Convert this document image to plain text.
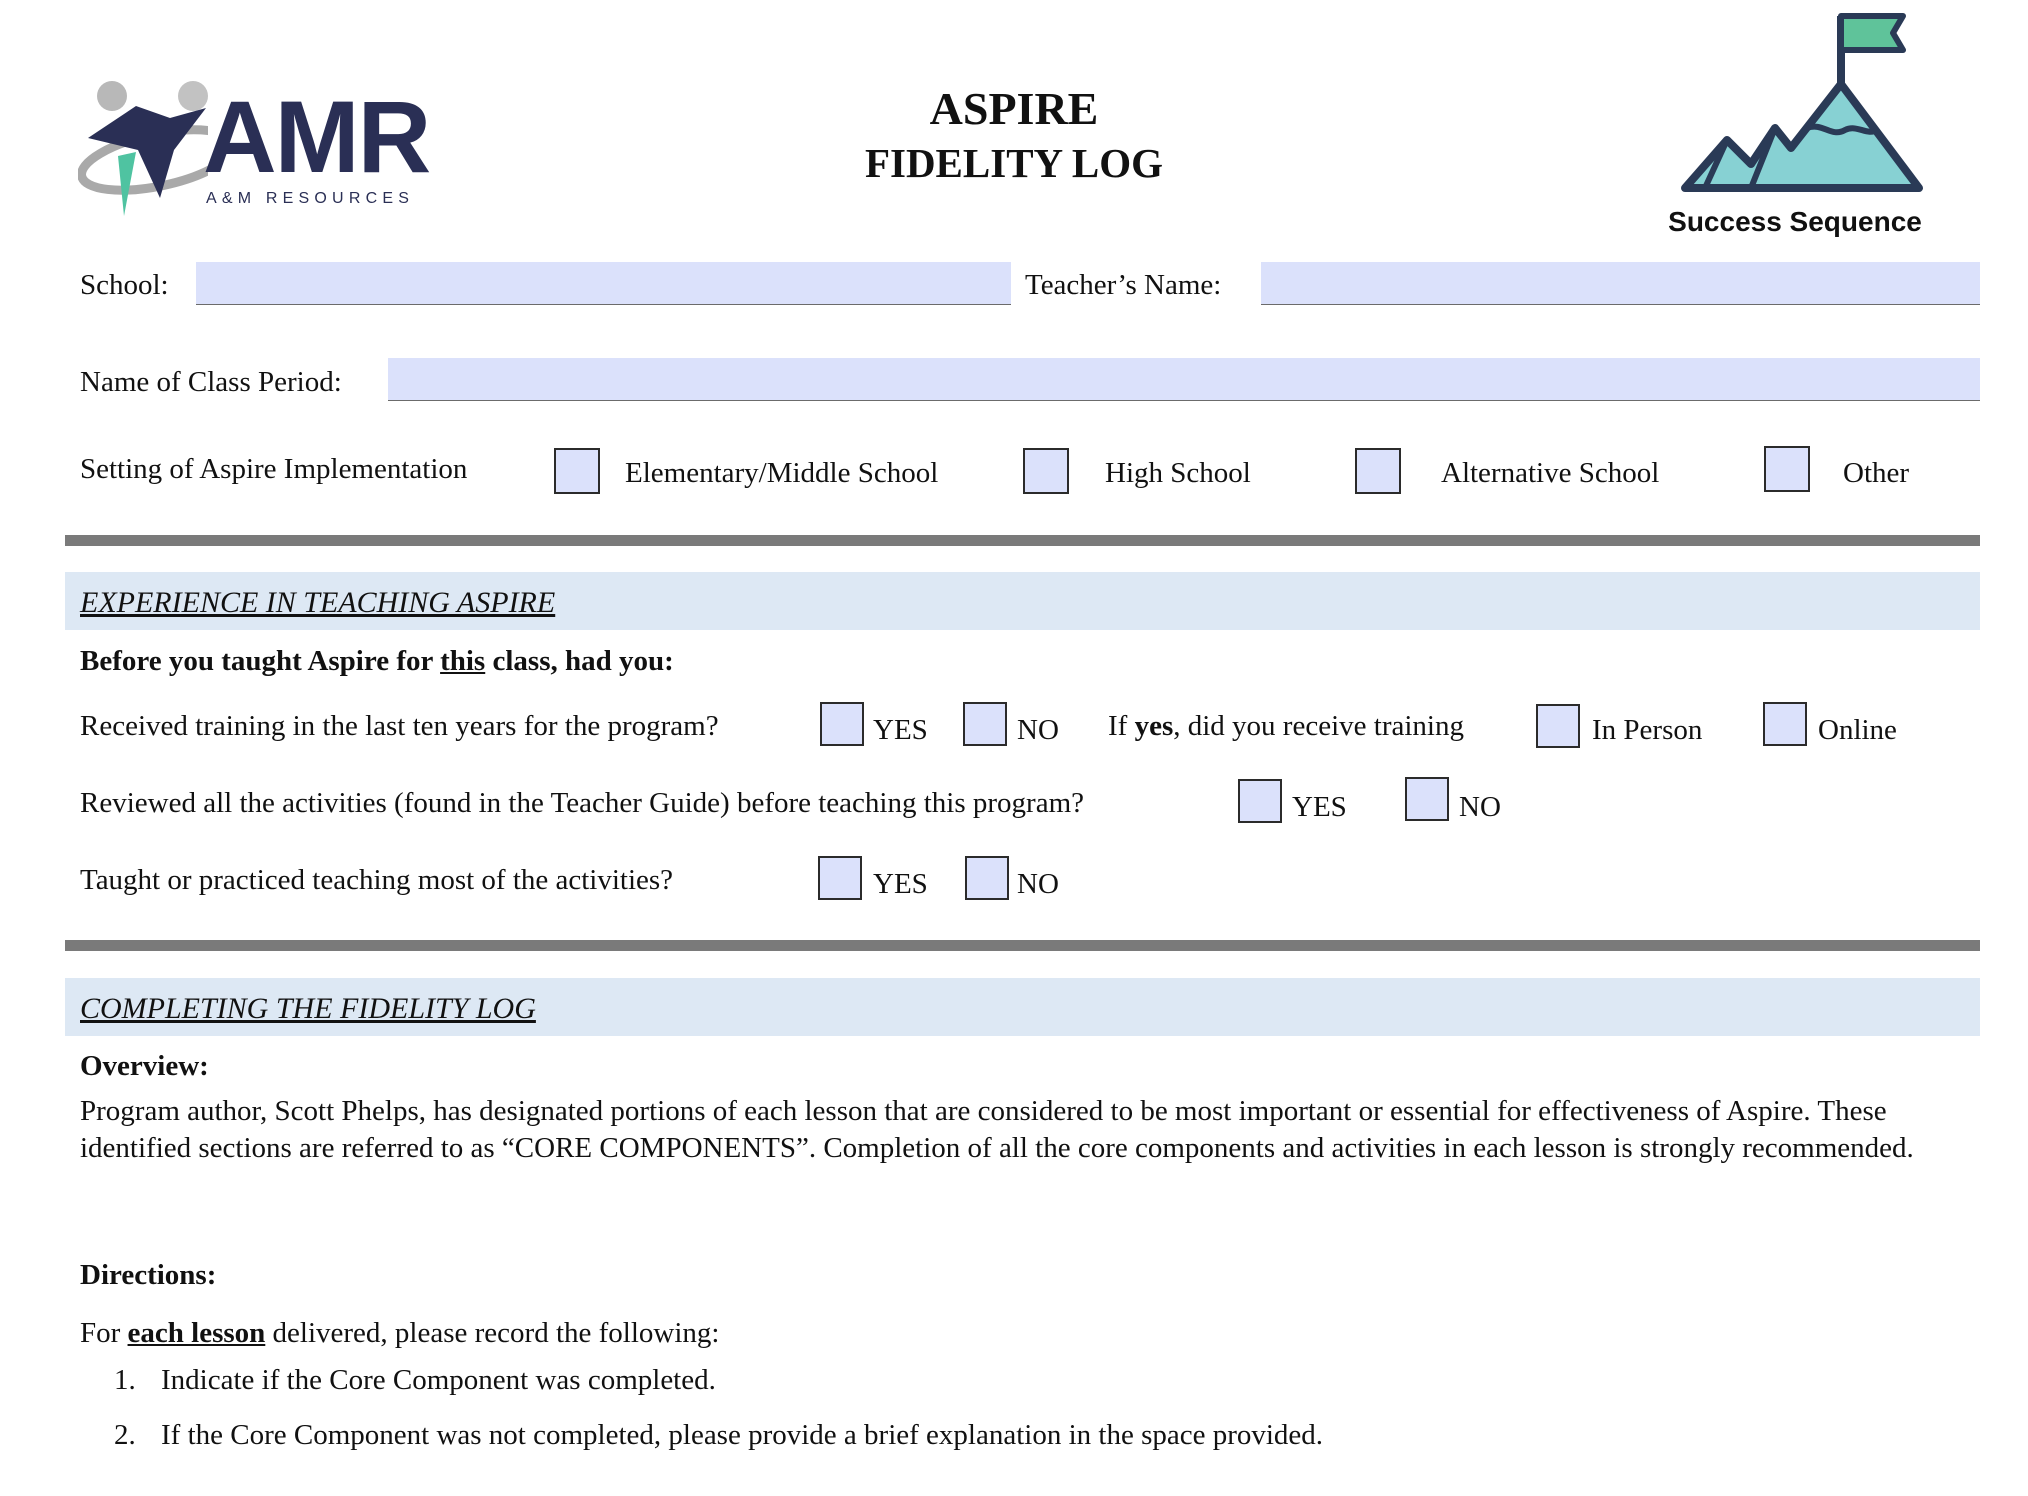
AMR
A&M RESOURCES
ASPIRE
FIDELITY LOG
Success Sequence
School:	Teacher’s Name:
Name of Class Period:
Setting of Aspire Implementation	Elementary/Middle School	High School	Alternative School	Other
EXPERIENCE IN TEACHING ASPIRE
Before you taught Aspire for this class, had you:
Received training in the last ten years for the program?	YES	NO If yes, did you receive training	In Person	Online
Reviewed all the activities (found in the Teacher Guide) before teaching this program?	YES	NO
Taught or practiced teaching most of the activities?	YES	NO
COMPLETING THE FIDELITY LOG
Overview:
Program author, Scott Phelps, has designated portions of each lesson that are considered to be most important or essential for effectiveness of Aspire. These identified sections are referred to as “CORE COMPONENTS”. Completion of all the core components and activities in each lesson is strongly recommended.
Directions:
For each lesson delivered, please record the following:
1. Indicate if the Core Component was completed.
2. If the Core Component was not completed, please provide a brief explanation in the space provided.
